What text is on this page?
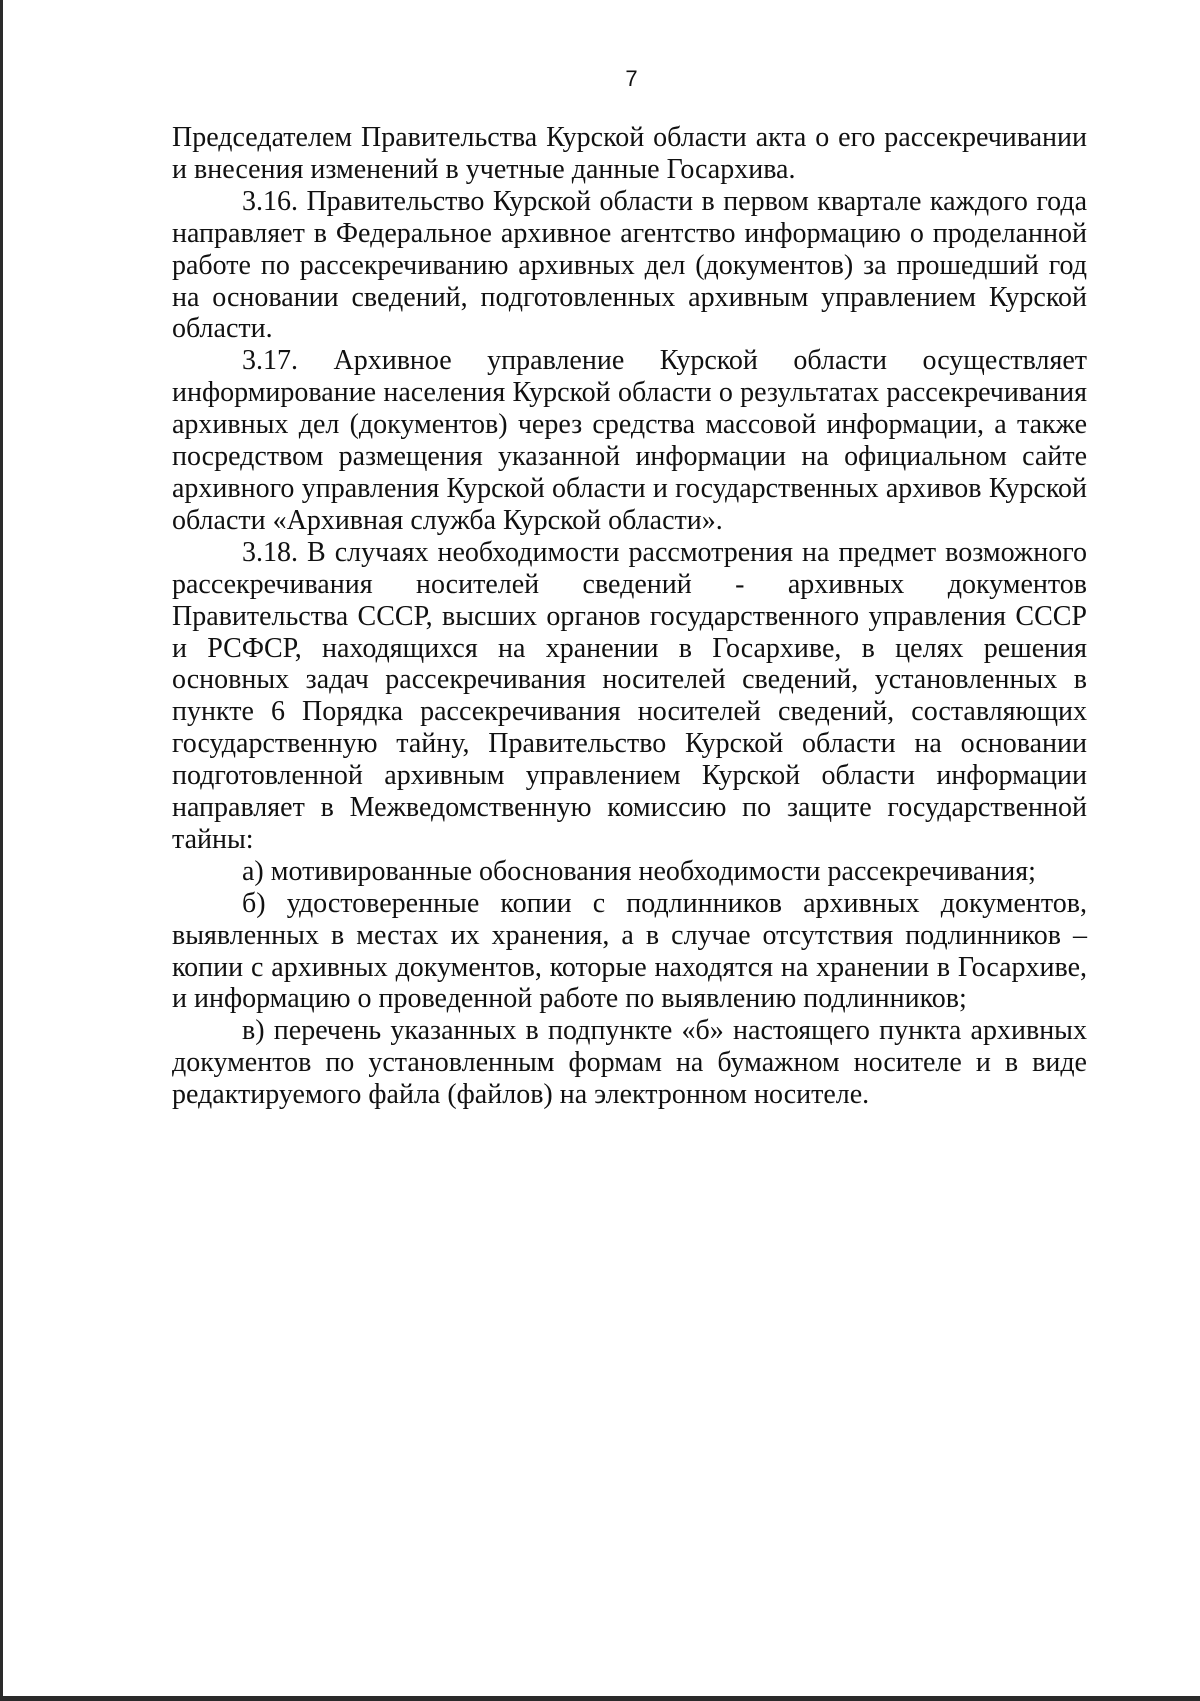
7

Председателем Правительства Курской области акта о его рассекречивании и внесения изменений в учетные данные Госархива.

3.16. Правительство Курской области в первом квартале каждого года направляет в Федеральное архивное агентство информацию о проделанной работе по рассекречиванию архивных дел (документов) за прошедший год на основании сведений, подготовленных архивным управлением Курской области.

3.17. Архивное управление Курской области осуществляет информирование населения Курской области о результатах рассекречивания архивных дел (документов) через средства массовой информации, а также посредством размещения указанной информации на официальном сайте архивного управления Курской области и государственных архивов Курской области «Архивная служба Курской области».

3.18. В случаях необходимости рассмотрения на предмет возможного рассекречивания носителей сведений - архивных документов Правительства СССР, высших органов государственного управления СССР и РСФСР, находящихся на хранении в Госархиве, в целях решения основных задач рассекречивания носителей сведений, установленных в пункте 6 Порядка рассекречивания носителей сведений, составляющих государственную тайну, Правительство Курской области на основании подготовленной архивным управлением Курской области информации направляет в Межведомственную комиссию по защите государственной тайны:

а) мотивированные обоснования необходимости рассекречивания;

б) удостоверенные копии с подлинников архивных документов, выявленных в местах их хранения, а в случае отсутствия подлинников – копии с архивных документов, которые находятся на хранении в Госархиве, и информацию о проведенной работе по выявлению подлинников;

в) перечень указанных в подпункте «б» настоящего пункта архивных документов по установленным формам на бумажном носителе и в виде редактируемого файла (файлов) на электронном носителе.
